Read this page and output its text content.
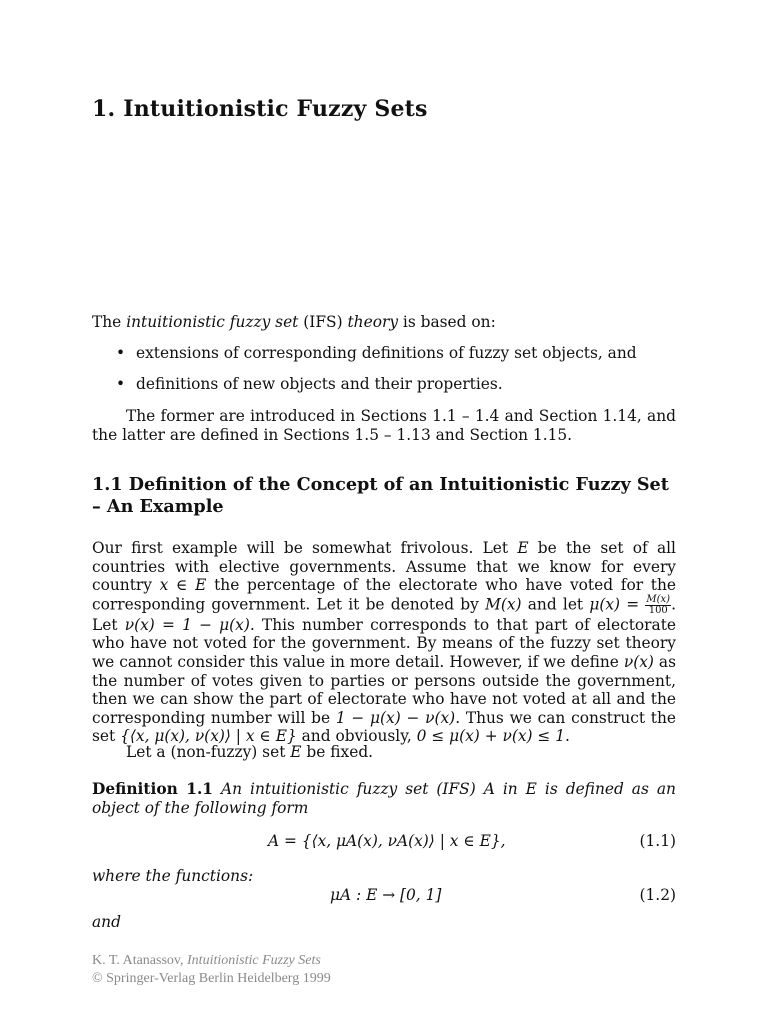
1. Intuitionistic Fuzzy Sets
The intuitionistic fuzzy set (IFS) theory is based on:
• extensions of corresponding definitions of fuzzy set objects, and
• definitions of new objects and their properties.
The former are introduced in Sections 1.1 – 1.4 and Section 1.14, and the latter are defined in Sections 1.5 – 1.13 and Section 1.15.
1.1 Definition of the Concept of an Intuitionistic Fuzzy Set – An Example
Our first example will be somewhat frivolous. Let E be the set of all countries with elective governments. Assume that we know for every country x ∈ E the percentage of the electorate who have voted for the corresponding government. Let it be denoted by M(x) and let $\mu(x) = \frac{M(x)}{100}$ . Let ν(x) = 1 − μ(x). This number corresponds to that part of electorate who have not voted for the government. By means of the fuzzy set theory we cannot consider this value in more detail. However, if we define ν(x) as the number of votes given to parties or persons outside the government, then we can show the part of electorate who have not voted at all and the corresponding number will be 1 − μ(x) − ν(x). Thus we can construct the set {⟨x, μ(x), ν(x)⟩ | x ∈ E} and obviously, 0 ≤ μ(x) + ν(x) ≤ 1.
Let a (non-fuzzy) set E be fixed.
Definition 1.1 An intuitionistic fuzzy set (IFS) A in E is defined as an object of the following form
A = {⟨x, μA(x), νA(x)⟩ | x ∈ E},	(1.1)
where the functions:
μA : E → [0, 1]	(1.2)
and
K. T. Atanassov, Intuitionistic Fuzzy Sets
© Springer-Verlag Berlin Heidelberg 1999
